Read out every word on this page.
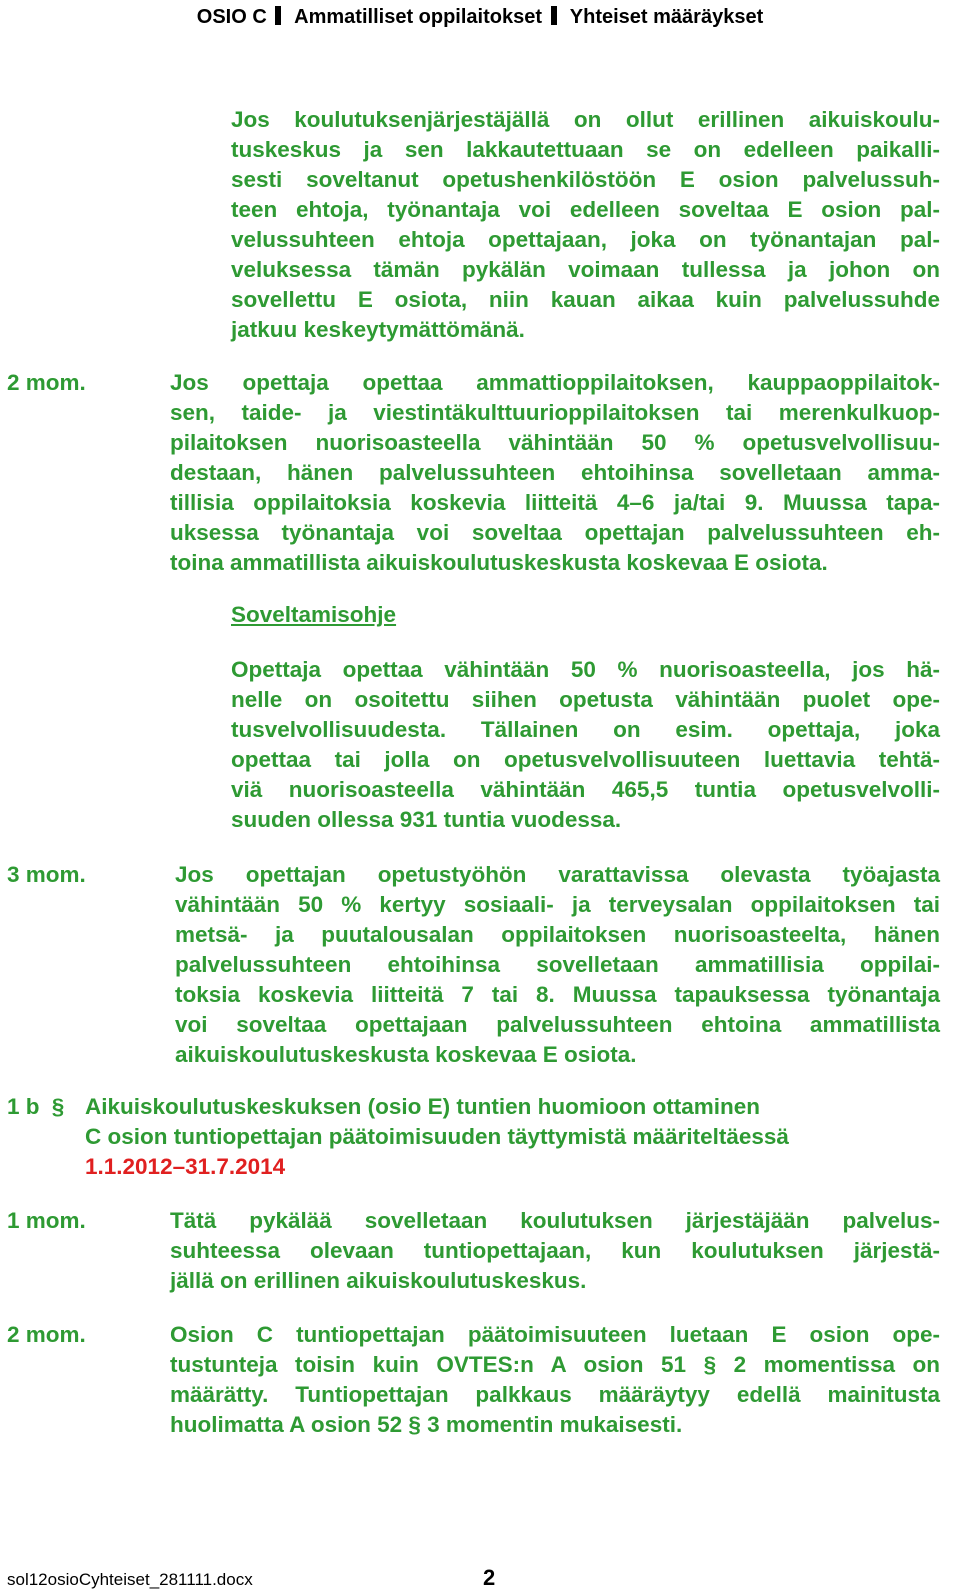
OSIO C Ammatilliset oppilaitokset Yhteiset määräykset
Jos koulutuksenjärjestäjällä on ollut erillinen aikuiskoulu-
tuskeskus ja sen lakkautettuaan se on edelleen paikalli-
sesti soveltanut opetushenkilöstöön E osion palvelussuh-
teen ehtoja, työnantaja voi edelleen soveltaa E osion pal-
velussuhteen ehtoja opettajaan, joka on työnantajan pal-
veluksessa tämän pykälän voimaan tullessa ja johon on
sovellettu E osiota, niin kauan aikaa kuin palvelussuhde
jatkuu keskeytymättömänä.
2 mom.	Jos opettaja opettaa ammattioppilaitoksen, kauppaoppilaitok-
sen, taide- ja viestintäkulttuurioppilaitoksen tai merenkulkuop-
pilaitoksen nuorisoasteella vähintään 50 % opetusvelvollisuu-
destaan, hänen palvelussuhteen ehtoihinsa sovelletaan amma-
tillisia oppilaitoksia koskevia liitteitä 4–6 ja/tai 9. Muussa tapa-
uksessa työnantaja voi soveltaa opettajan palvelussuhteen eh-
toina ammatillista aikuiskoulutuskeskusta koskevaa E osiota.
Soveltamisohje
Opettaja opettaa vähintään 50 % nuorisoasteella, jos hä-
nelle on osoitettu siihen opetusta vähintään puolet ope-
tusvelvollisuudesta. Tällainen on esim. opettaja, joka
opettaa tai jolla on opetusvelvollisuuteen luettavia tehtä-
viä nuorisoasteella vähintään 465,5 tuntia opetusvelvolli-
suuden ollessa 931 tuntia vuodessa.
3 mom.	Jos opettajan opetustyöhön varattavissa olevasta työajasta
vähintään 50 % kertyy sosiaali- ja terveysalan oppilaitoksen tai
metsä- ja puutalousalan oppilaitoksen nuorisoasteelta, hänen
palvelussuhteen ehtoihinsa sovelletaan ammatillisia oppilai-
toksia koskevia liitteitä 7 tai 8. Muussa tapauksessa työnantaja
voi soveltaa opettajaan palvelussuhteen ehtoina ammatillista
aikuiskoulutuskeskusta koskevaa E osiota.
1 b § Aikuiskoulutuskeskuksen (osio E) tuntien huomioon ottaminen
C osion tuntiopettajan päätoimisuuden täyttymistä määriteltäessä
1.1.2012–31.7.2014
1 mom.	Tätä pykälää sovelletaan koulutuksen järjestäjään palvelus-
suhteessa olevaan tuntiopettajaan, kun koulutuksen järjestä-
jällä on erillinen aikuiskoulutuskeskus.
2 mom.	Osion C tuntiopettajan päätoimisuuteen luetaan E osion ope-
tustunteja toisin kuin OVTES:n A osion 51 § 2 momentissa on
määrätty. Tuntiopettajan palkkaus määräytyy edellä mainitusta
huolimatta A osion 52 § 3 momentin mukaisesti.
sol12osioCyhteiset_281111.docx	2
